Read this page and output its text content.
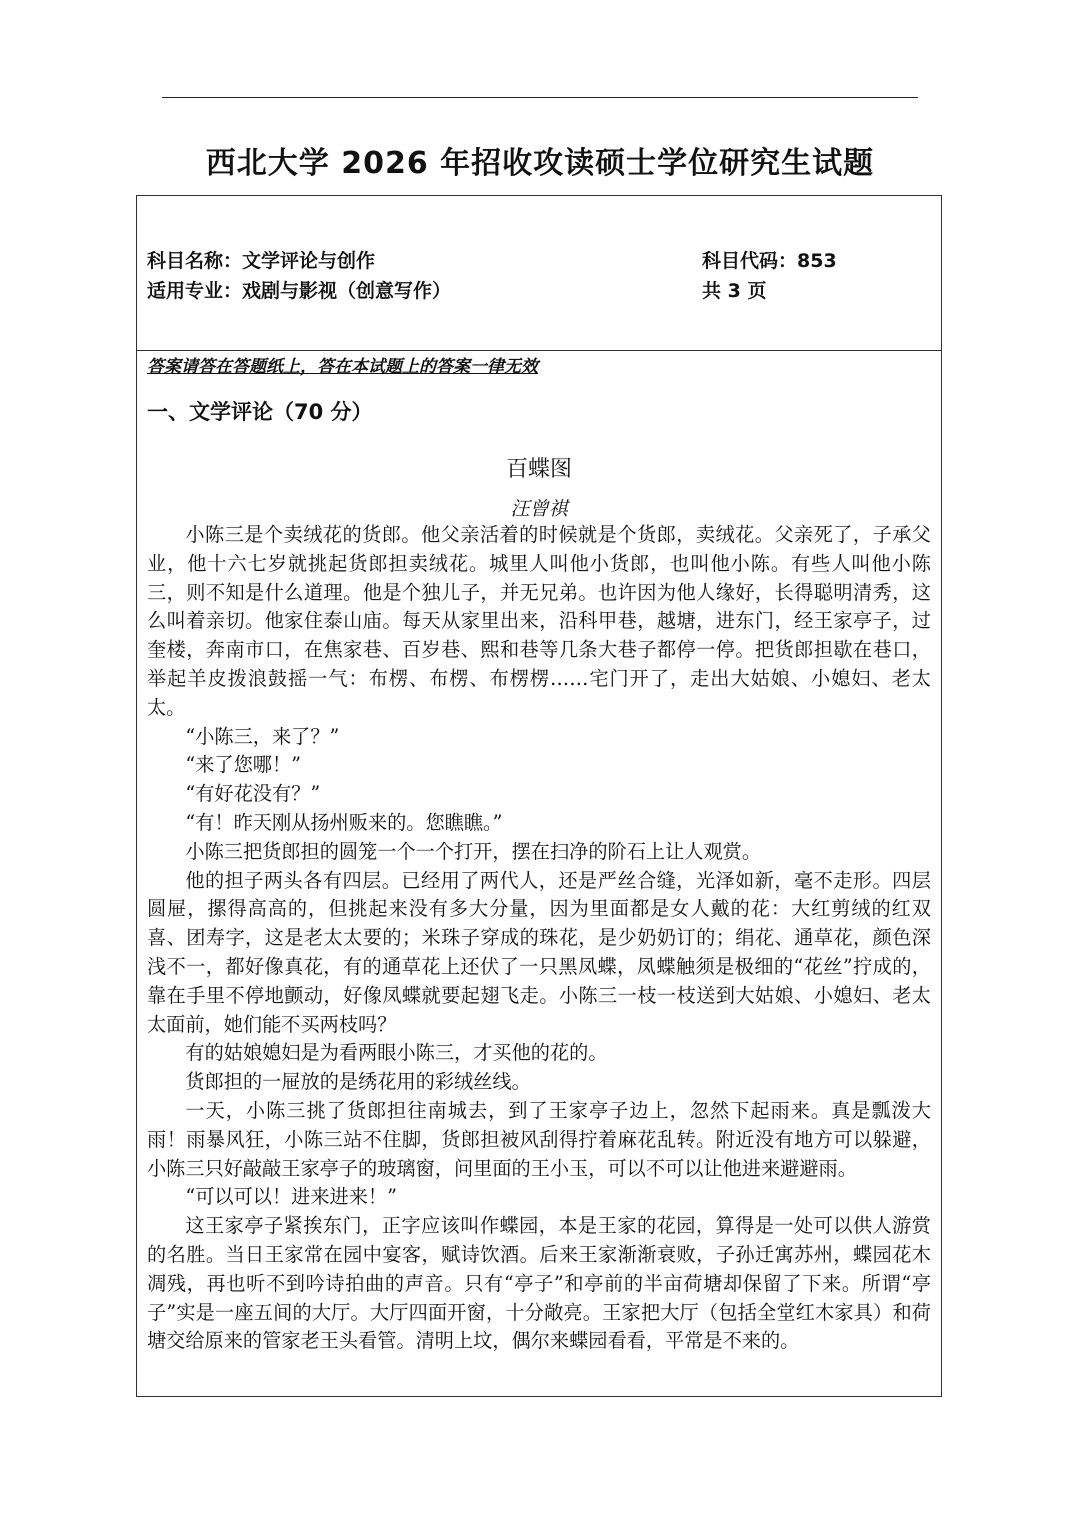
西北大学 2026 年招收攻读硕士学位研究生试题
科目名称：文学评论与创作	科目代码：853
适用专业：戏剧与影视（创意写作）	共 3 页
答案请答在答题纸上，答在本试题上的答案一律无效
一、文学评论（70 分）
百蝶图
汪曾祺

小陈三是个卖绒花的货郎。他父亲活着的时候就是个货郎，卖绒花。父亲死了，子承父业，他十六七岁就挑起货郎担卖绒花。城里人叫他小货郎，也叫他小陈。有些人叫他小陈三，则不知是什么道理。他是个独儿子，并无兄弟。也许因为他人缘好，长得聪明清秀，这么叫着亲切。他家住泰山庙。每天从家里出来，沿科甲巷，越塘，进东门，经王家亭子，过奎楼，奔南市口，在焦家巷、百岁巷、熙和巷等几条大巷子都停一停。把货郎担歇在巷口，举起羊皮拨浪鼓摇一气：布楞、布楞、布楞楞……宅门开了，走出大姑娘、小媳妇、老太太。

“小陈三，来了？”

“来了您哪！”

“有好花没有？”

“有！昨天刚从扬州贩来的。您瞧瞧。”

小陈三把货郎担的圆笼一个一个打开，摆在扫净的阶石上让人观赏。

他的担子两头各有四层。已经用了两代人，还是严丝合缝，光泽如新，毫不走形。四层圆屉，摞得高高的，但挑起来没有多大分量，因为里面都是女人戴的花：大红剪绒的红双喜、团寿字，这是老太太要的；米珠子穿成的珠花，是少奶奶订的；绢花、通草花，颜色深浅不一，都好像真花，有的通草花上还伏了一只黑凤蝶，凤蝶触须是极细的“花丝”拧成的，靠在手里不停地颤动，好像凤蝶就要起翅飞走。小陈三一枝一枝送到大姑娘、小媳妇、老太太面前，她们能不买两枝吗？

有的姑娘媳妇是为看两眼小陈三，才买他的花的。

货郎担的一屉放的是绣花用的彩绒丝线。

一天，小陈三挑了货郎担往南城去，到了王家亭子边上，忽然下起雨来。真是瓢泼大雨！雨暴风狂，小陈三站不住脚，货郎担被风刮得拧着麻花乱转。附近没有地方可以躲避，小陈三只好敲敲王家亭子的玻璃窗，问里面的王小玉，可以不可以让他进来避避雨。

“可以可以！进来进来！”

这王家亭子紧挨东门，正字应该叫作蝶园，本是王家的花园，算得是一处可以供人游赏的名胜。当日王家常在园中宴客，赋诗饮酒。后来王家渐渐衰败，子孙迁寓苏州，蝶园花木凋残，再也听不到吟诗拍曲的声音。只有“亭子”和亭前的半亩荷塘却保留了下来。所谓“亭子”实是一座五间的大厅。大厅四面开窗，十分敞亮。王家把大厅（包括全堂红木家具）和荷塘交给原来的管家老王头看管。清明上坟，偶尔来蝶园看看，平常是不来的。
